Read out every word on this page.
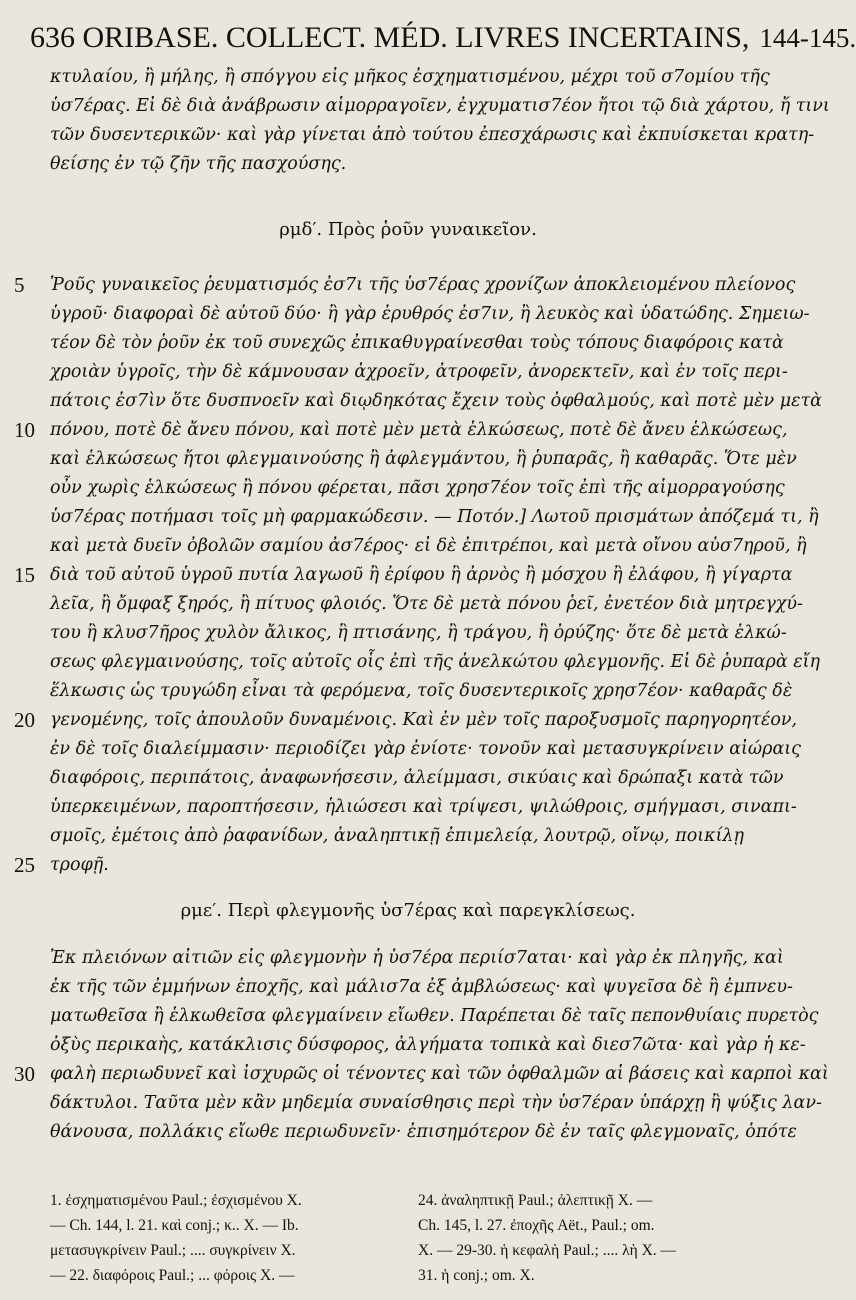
636 ORIBASE. COLLECT. MÉD. LIVRES INCERTAINS, 144-145.
κτυλαίου, ἢ μήλης, ἢ σπόγγου εἰς μῆκος ἐσχηματισμένου, μέχρι τοῦ σ7ομίου τῆς
ὑσ7έρας. Εἰ δὲ διὰ ἀνάβρωσιν αἱμορραγοῖεν, ἐγχυματισ7έον ἤτοι τῷ διὰ χάρτου, ἤ τινι
τῶν δυσεντερικῶν· καὶ γὰρ γίνεται ἀπὸ τούτου ἐπεσχάρωσις καὶ ἐκπυίσκεται κρατη-
θείσης ἐν τῷ ζῆν τῆς πασχούσης.
ρμδ′. Πρὸς ῥοῦν γυναικεῖον.
Ῥοῦς γυναικεῖος ῥευματισμός ἐσ7ι τῆς ὑσ7έρας χρονίζων ἀποκλειομένου πλείονος
5
ὑγροῦ· διαφοραὶ δὲ αὐτοῦ δύο· ἢ γὰρ ἐρυθρός ἐσ7ιν, ἢ λευκὸς καὶ ὑδατώδης. Σημειω-
τέον δὲ τὸν ῥοῦν ἐκ τοῦ συνεχῶς ἐπικαθυγραίνεσθαι τοὺς τόπους διαφόροις κατὰ
χροιὰν ὑγροῖς, τὴν δὲ κάμνουσαν ἀχροεῖν, ἀτροφεῖν, ἀνορεκτεῖν, καὶ ἐν τοῖς περι-
πάτοις ἐσ7ὶν ὅτε δυσπνοεῖν καὶ διῳδηκότας ἔχειν τοὺς ὀφθαλμούς, καὶ ποτὲ μὲν μετὰ
πόνου, ποτὲ δὲ ἄνευ πόνου, καὶ ποτὲ μὲν μετὰ ἑλκώσεως, ποτὲ δὲ ἄνευ ἑλκώσεως,
10
καὶ ἑλκώσεως ἤτοι φλεγμαινούσης ἢ ἀφλεγμάντου, ἢ ῥυπαρᾶς, ἢ καθαρᾶς. Ὅτε μὲν
οὖν χωρὶς ἑλκώσεως ἢ πόνου φέρεται, πᾶσι χρησ7έον τοῖς ἐπὶ τῆς αἱμορραγούσης
ὑσ7έρας ποτήμασι τοῖς μὴ φαρμακώδεσιν. — Ποτόν.] Λωτοῦ πρισμάτων ἀπόζεμά τι, ἢ
καὶ μετὰ δυεῖν ὀβολῶν σαμίου ἀσ7έρος· εἰ δὲ ἐπιτρέποι, καὶ μετὰ οἴνου αὐσ7ηροῦ, ἢ
διὰ τοῦ αὐτοῦ ὑγροῦ πυτία λαγωοῦ ἢ ἐρίφου ἢ ἀρνὸς ἢ μόσχου ἢ ἐλάφου, ἢ γίγαρτα
15
λεῖα, ἢ ὄμφαξ ξηρός, ἢ πίτυος φλοιός. Ὅτε δὲ μετὰ πόνου ῥεῖ, ἐνετέον διὰ μητρεγχύ-
του ἢ κλυσ7ῆρος χυλὸν ἄλικος, ἢ πτισάνης, ἢ τράγου, ἢ ὀρύζης· ὅτε δὲ μετὰ ἑλκώ-
σεως φλεγμαινούσης, τοῖς αὐτοῖς οἷς ἐπὶ τῆς ἀνελκώτου φλεγμονῆς. Εἰ δὲ ῥυπαρὰ εἴη
ἕλκωσις ὡς τρυγώδη εἶναι τὰ φερόμενα, τοῖς δυσεντερικοῖς χρησ7έον· καθαρᾶς δὲ
γενομένης, τοῖς ἀπουλοῦν δυναμένοις. Καὶ ἐν μὲν τοῖς παροξυσμοῖς παρηγορητέον,
20
ἐν δὲ τοῖς διαλείμμασιν· περιοδίζει γὰρ ἐνίοτε· τονοῦν καὶ μετασυγκρίνειν αἰώραις
διαφόροις, περιπάτοις, ἀναφωνήσεσιν, ἀλείμμασι, σικύαις καὶ δρώπαξι κατὰ τῶν
ὑπερκειμένων, παροπτήσεσιν, ἡλιώσεσι καὶ τρίψεσι, ψιλώθροις, σμήγμασι, σιναπι-
σμοῖς, ἐμέτοις ἀπὸ ῥαφανίδων, ἀναληπτικῇ ἐπιμελείᾳ, λουτρῷ, οἴνῳ, ποικίλῃ
τροφῇ.
25
ρμε′. Περὶ φλεγμονῆς ὑσ7έρας καὶ παρεγκλίσεως.
Ἐκ πλειόνων αἰτιῶν εἰς φλεγμονὴν ἡ ὑσ7έρα περιίσ7αται· καὶ γὰρ ἐκ πληγῆς, καὶ
ἐκ τῆς τῶν ἐμμήνων ἐποχῆς, καὶ μάλισ7α ἐξ ἀμβλώσεως· καὶ ψυγεῖσα δὲ ἢ ἐμπνευ-
ματωθεῖσα ἢ ἑλκωθεῖσα φλεγμαίνειν εἴωθεν. Παρέπεται δὲ ταῖς πεπονθυίαις πυρετὸς
ὀξὺς περικαὴς, κατάκλισις δύσφορος, ἀλγήματα τοπικὰ καὶ διεσ7ῶτα· καὶ γὰρ ἡ κε-
φαλὴ περιωδυνεῖ καὶ ἰσχυρῶς οἱ τένοντες καὶ τῶν ὀφθαλμῶν αἱ βάσεις καὶ καρποὶ καὶ
30
δάκτυλοι. Ταῦτα μὲν κἂν μηδεμία συναίσθησις περὶ τὴν ὑσ7έραν ὑπάρχῃ ἢ ψύξις λαν-
θάνουσα, πολλάκις εἴωθε περιωδυνεῖν· ἐπισημότερον δὲ ἐν ταῖς φλεγμοναῖς, ὁπότε
1. ἐσχηματισμένου Paul.; ἐσχισμένου X.
— Ch. 144, l. 21. καὶ conj.; κ.. X. — Ib.
μετασυγκρίνειν Paul.; .... συγκρίνειν X.
— 22. διαφόροις Paul.; ... φόροις X. —
24. ἀναληπτικῇ Paul.; ἀλεπτικῇ X. —
Ch. 145, l. 27. ἐποχῆς Aët., Paul.; om.
X. — 29-30. ἡ κεφαλὴ Paul.; .... λὴ X. —
31. ἡ conj.; om. X.
